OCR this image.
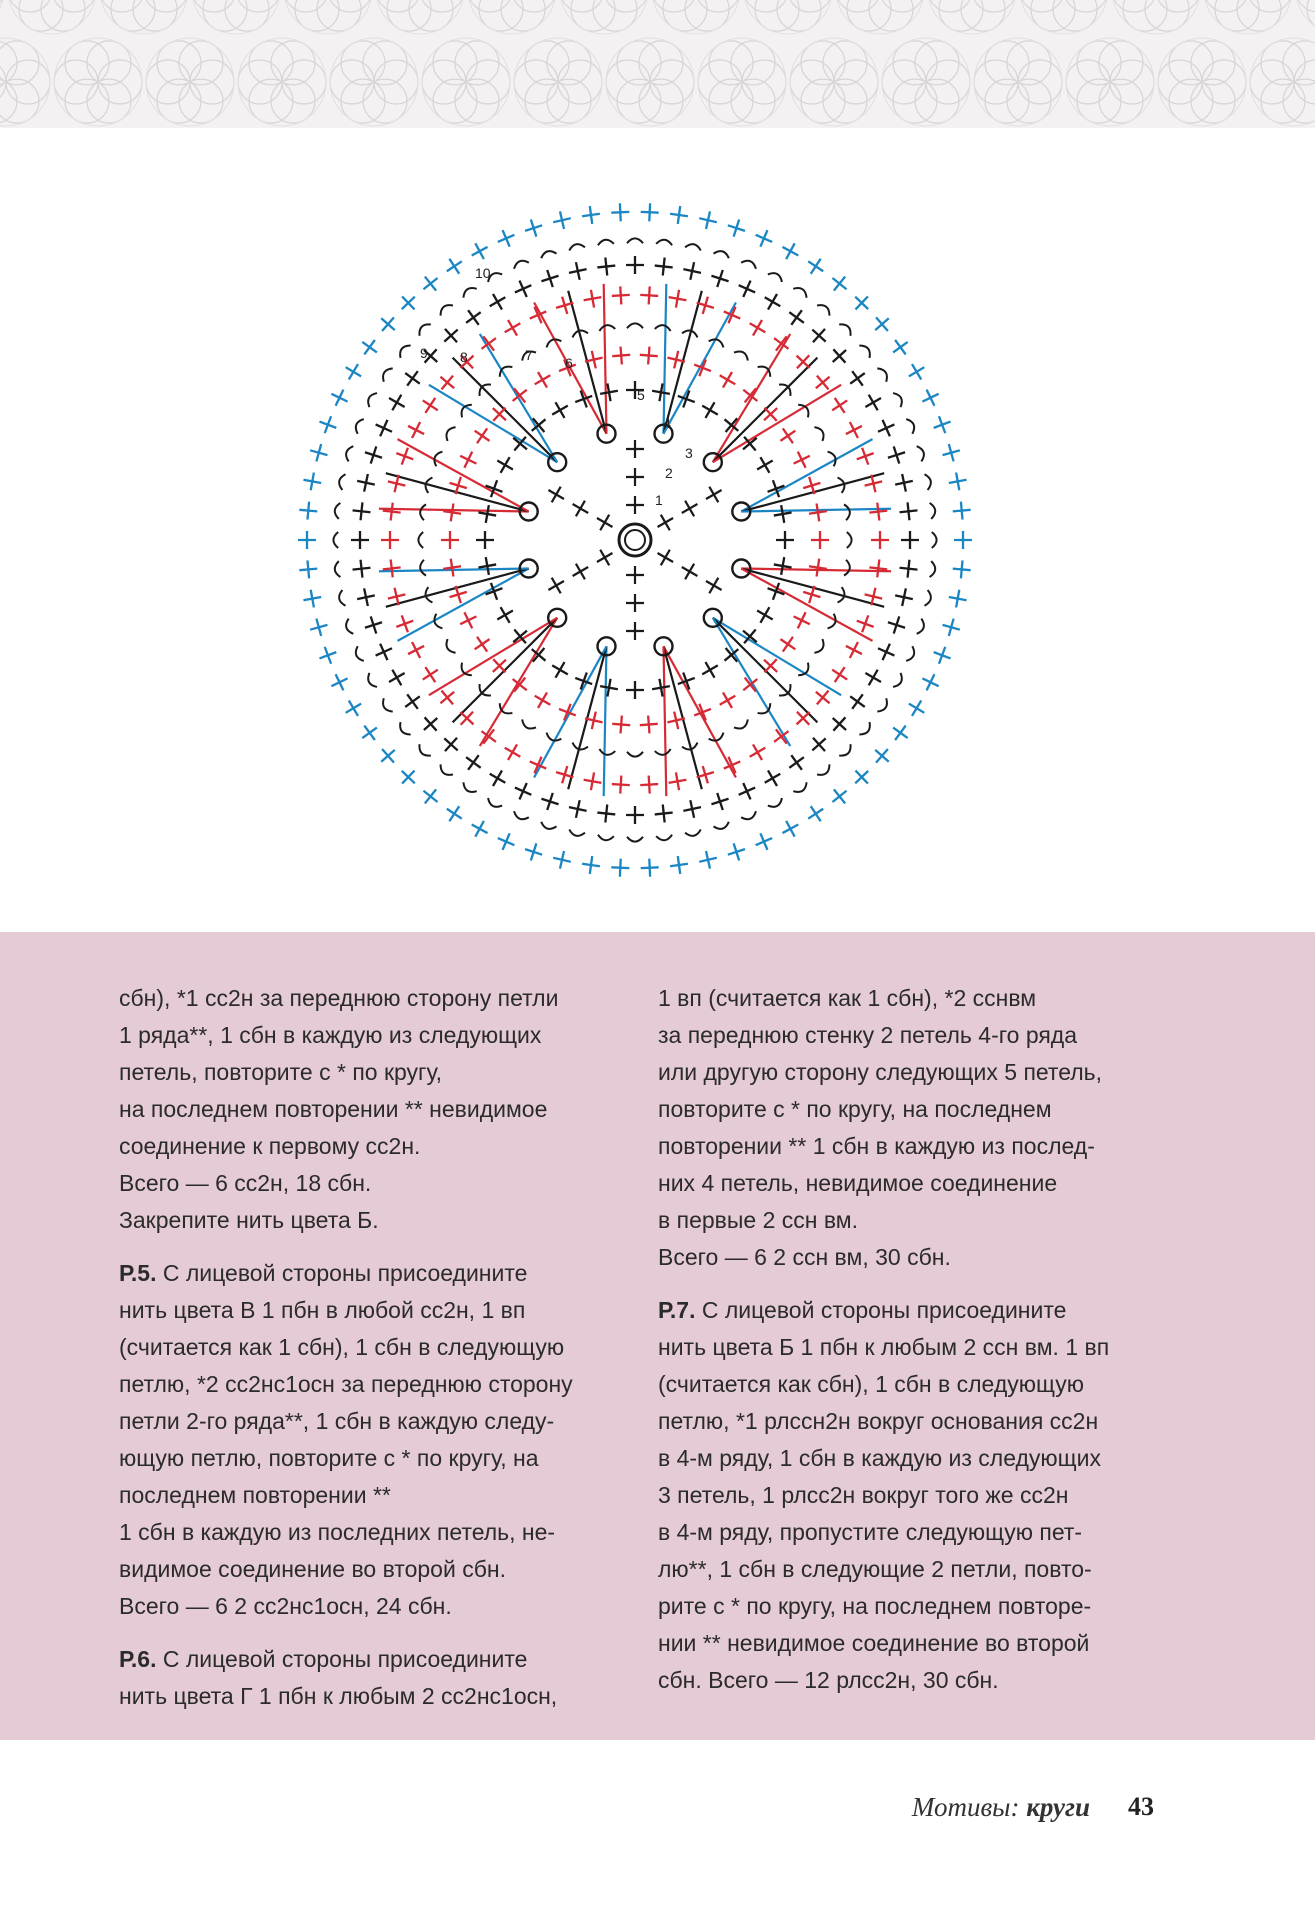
1
2
3
4
5
6
7
8
9
10

сбн), *1 сс2н за переднюю сторону петли
1 ряда**, 1 сбн в каждую из следующих
петель, повторите с * по кругу,
на последнем повторении ** невидимое
соединение к первому сс2н.
Всего — 6 сс2н, 18 сбн.
Закрепите нить цвета Б.

Р.5. С лицевой стороны присоедините
нить цвета В 1 пбн в любой сс2н, 1 вп
(считается как 1 сбн), 1 сбн в следующую
петлю, *2 сс2нс1осн за переднюю сторону
петли 2-го ряда**, 1 сбн в каждую следу-
ющую петлю, повторите с * по кругу, на
последнем повторении **
1 сбн в каждую из последних петель, не-
видимое соединение во второй сбн.
Всего — 6 2 сс2нс1осн, 24 сбн.

Р.6. С лицевой стороны присоедините
нить цвета Г 1 пбн к любым 2 сс2нс1осн,

1 вп (считается как 1 сбн), *2 сснвм
за переднюю стенку 2 петель 4-го ряда
или другую сторону следующих 5 петель,
повторите с * по кругу, на последнем
повторении ** 1 сбн в каждую из послед-
них 4 петель, невидимое соединение
в первые 2 ссн вм.
Всего — 6 2 ссн вм, 30 сбн.

Р.7. С лицевой стороны присоедините
нить цвета Б 1 пбн к любым 2 ссн вм. 1 вп
(считается как сбн), 1 сбн в следующую
петлю, *1 рлссн2н вокруг основания сс2н
в 4-м ряду, 1 сбн в каждую из следующих
3 петель, 1 рлсс2н вокруг того же сс2н
в 4-м ряду, пропустите следующую пет-
лю**, 1 сбн в следующие 2 петли, повто-
рите с * по кругу, на последнем повторе-
нии ** невидимое соединение во второй
сбн. Всего — 12 рлсс2н, 30 сбн.

Мотивы: круги 43
